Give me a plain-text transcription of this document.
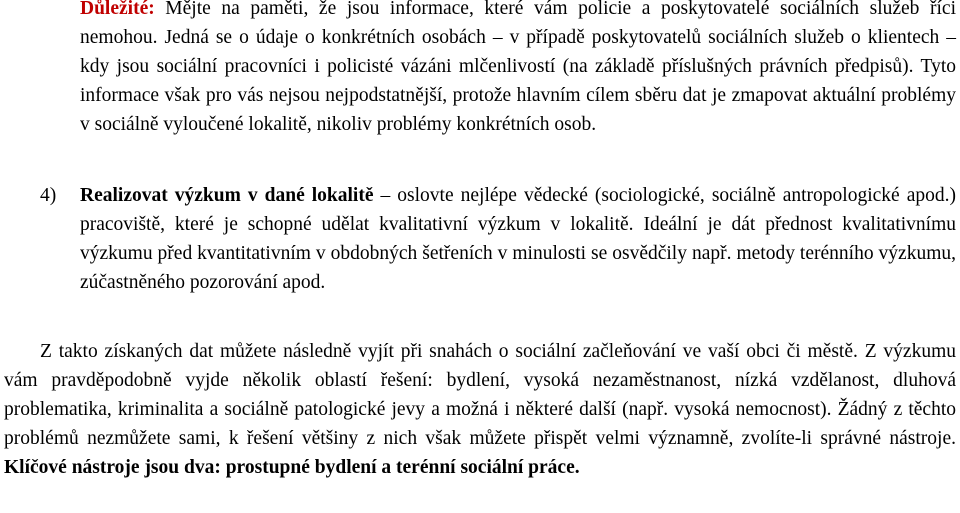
Důležité: Mějte na paměti, že jsou informace, které vám policie a poskytovatelé sociálních služeb říci nemohou. Jedná se o údaje o konkrétních osobách – v případě poskytovatelů sociálních služeb o klientech – kdy jsou sociální pracovníci i policisté vázáni mlčenlivostí (na základě příslušných právních předpisů). Tyto informace však pro vás nejsou nejpodstatnější, protože hlavním cílem sběru dat je zmapovat aktuální problémy v sociálně vyloučené lokalitě, nikoliv problémy konkrétních osob.
4) Realizovat výzkum v dané lokalitě – oslovte nejlépe vědecké (sociologické, sociálně antropologické apod.) pracoviště, které je schopné udělat kvalitativní výzkum v lokalitě. Ideální je dát přednost kvalitativnímu výzkumu před kvantitativním v obdobných šetřeních v minulosti se osvědčily např. metody terénního výzkumu, zúčastněného pozorování apod.
Z takto získaných dat můžete následně vyjít při snahách o sociální začleňování ve vaší obci či městě. Z výzkumu vám pravděpodobně vyjde několik oblastí řešení: bydlení, vysoká nezaměstnanost, nízká vzdělanost, dluhová problematika, kriminalita a sociálně patologické jevy a možná i některé další (např. vysoká nemocnost). Žádný z těchto problémů nezmůžete sami, k řešení většiny z nich však můžete přispět velmi významně, zvolíte-li správné nástroje. Klíčové nástroje jsou dva: prostupné bydlení a terénní sociální práce.
